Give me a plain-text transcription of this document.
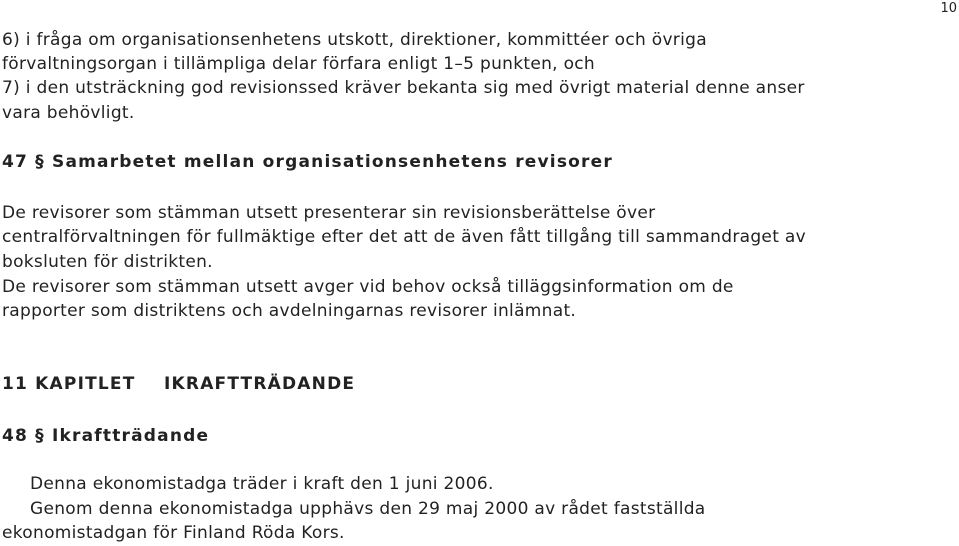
10
6) i fråga om organisationsenhetens utskott, direktioner, kommittéer och övriga
förvaltningsorgan i tillämpliga delar förfara enligt 1–5 punkten, och
7) i den utsträckning god revisionssed kräver bekanta sig med övrigt material denne anser
vara behövligt.
47 § Samarbetet mellan organisationsenhetens revisorer
De revisorer som stämman utsett presenterar sin revisionsberättelse över
centralförvaltningen för fullmäktige efter det att de även fått tillgång till sammandraget av
boksluten för distrikten.
De revisorer som stämman utsett avger vid behov också tilläggsinformation om de
rapporter som distriktens och avdelningarnas revisorer inlämnat.
11 KAPITLET    IKRAFTTRÄDANDE
48 § Ikraftträdande
Denna ekonomistadga träder i kraft den 1 juni 2006.
Genom denna ekonomistadga upphävs den 29 maj 2000 av rådet fastställda
ekonomistadgan för Finland Röda Kors.
